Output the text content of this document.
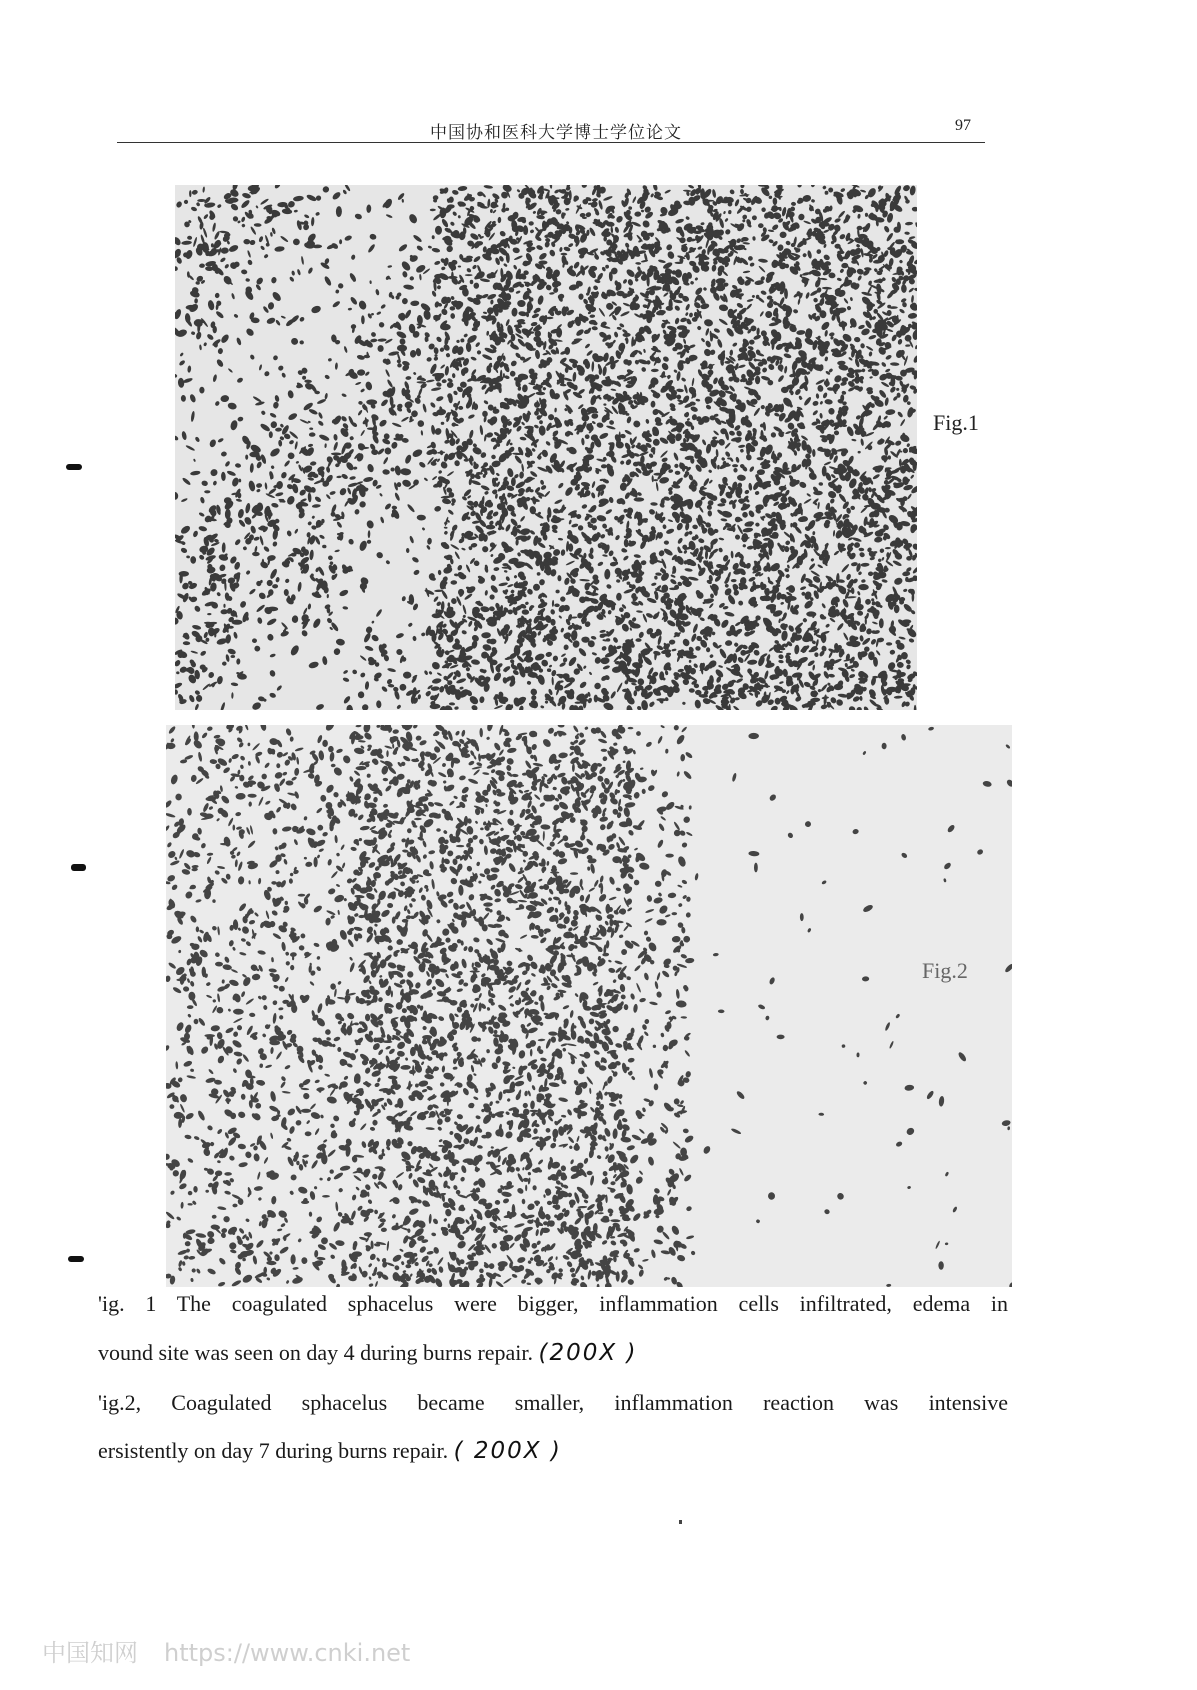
中国协和医科大学博士学位论文	97
Fig.1
Fig.2
'ig. 1 The coagulated sphacelus were bigger, inflammation cells infiltrated, edema in
vound site was seen on day 4 during burns repair. (200X )
'ig.2, Coagulated sphacelus became smaller, inflammation reaction was intensive
ersistently on day 7 during burns repair. ( 200X )
中国知网 https://www.cnki.net
